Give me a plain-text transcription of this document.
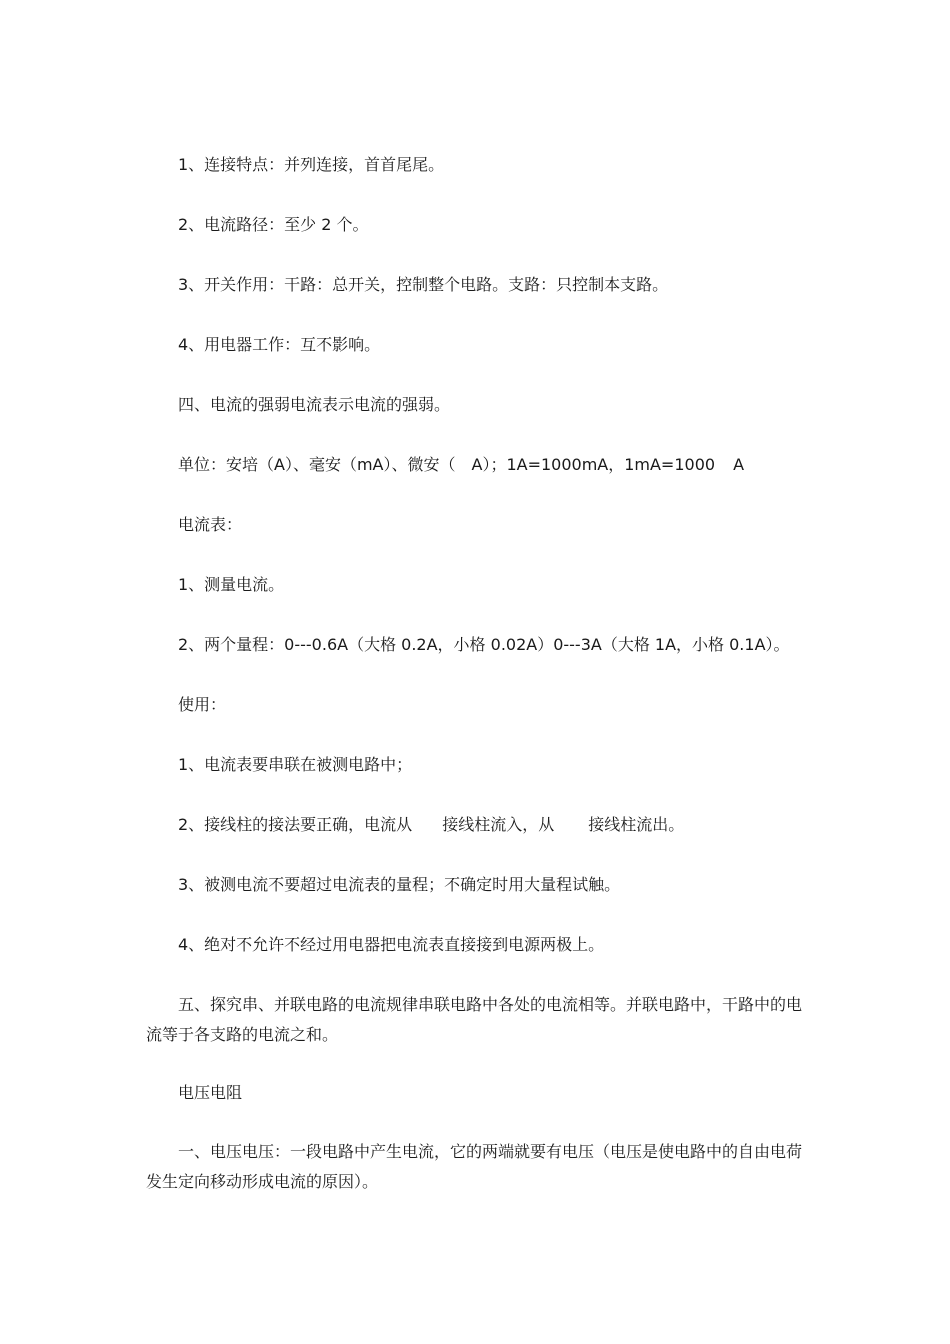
1、连接特点：并列连接，首首尾尾。
2、电流路径：至少 2 个。
3、开关作用：干路：总开关，控制整个电路。支路：只控制本支路。
4、用电器工作：互不影响。
四、电流的强弱电流表示电流的强弱。
单位：安培（A）、毫安（mA）、微安（ A）；1A=1000mA，1mA=1000 A
电流表：
1、测量电流。
2、两个量程：0---0.6A（大格 0.2A，小格 0.02A）0---3A（大格 1A，小格 0.1A）。
使用：
1、电流表要串联在被测电路中；
2、接线柱的接法要正确，电流从 接线柱流入，从 接线柱流出。
3、被测电流不要超过电流表的量程；不确定时用大量程试触。
4、绝对不允许不经过用电器把电流表直接接到电源两极上。
五、探究串、并联电路的电流规律串联电路中各处的电流相等。并联电路中，干路中的电流等于各支路的电流之和。
电压电阻
一、电压电压：一段电路中产生电流，它的两端就要有电压（电压是使电路中的自由电荷发生定向移动形成电流的原因）。
